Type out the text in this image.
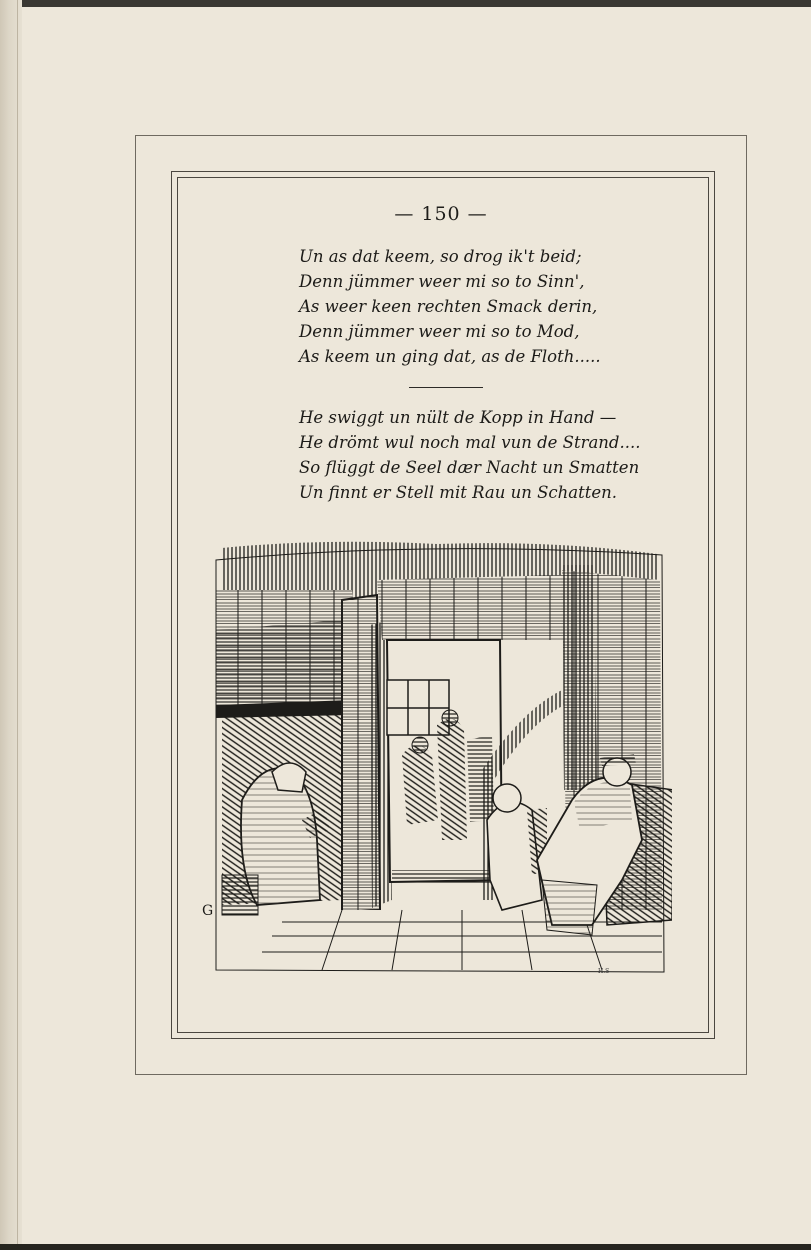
— 150 —
Un as dat keem, so drog ik't beid;
Denn jümmer weer mi so to Sinn',
As weer keen rechten Smack derin,
Denn jümmer weer mi so to Mod,
As keem un ging dat, as de Floth.....
He swiggt un nült de Kopp in Hand —
He drömt wul noch mal vun de Strand....
So flüggt de Seel dær Nacht un Smatten
Un finnt er Stell mit Rau un Schatten.
G
H.S
